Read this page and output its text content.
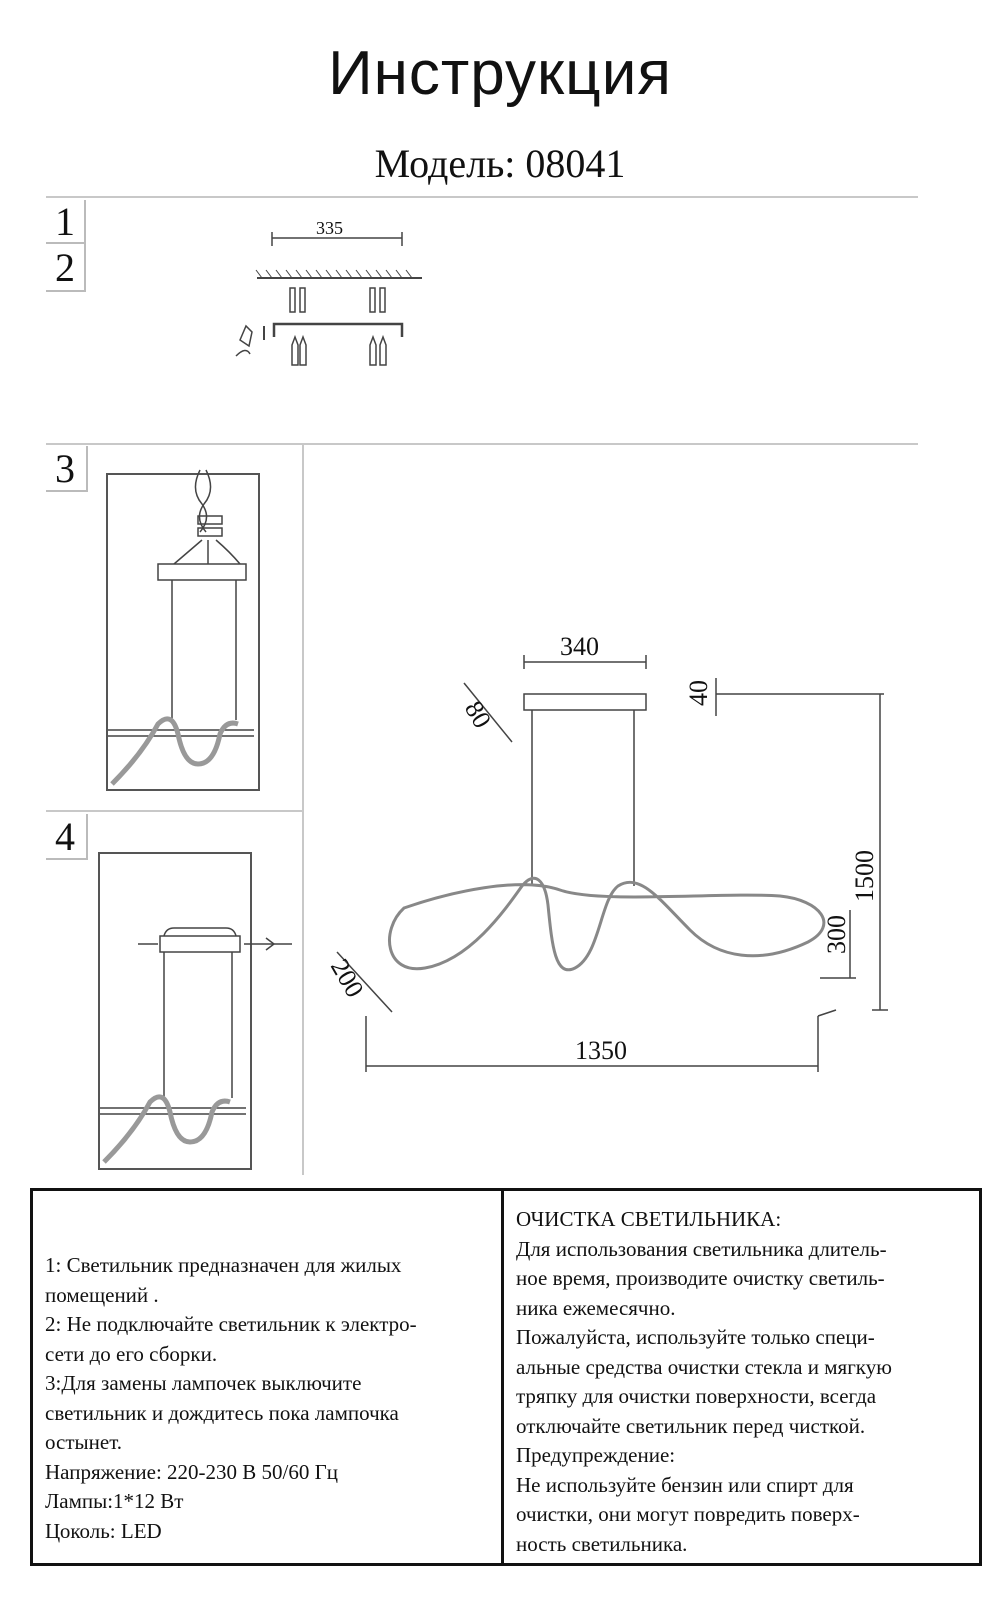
Инструкция
Модель: 08041
1
2
3
4
335
340
80
40
1500
300
200
1350
1: Светильник предназначен для жилых
помещений .
2: Не подключайте светильник к электро-
сети до его сборки.
3:Для замены лампочек выключите
светильник и дождитесь пока лампочка
остынет.
Напряжение: 220-230 В 50/60 Гц
Лампы:1*12 Вт
Цоколь: LED
ОЧИСТКА СВЕТИЛЬНИКА:
Для использования светильника длитель-
ное время, производите очистку светиль-
ника ежемесячно.
Пожалуйста, используйте только специ-
альные средства очистки стекла и мягкую
тряпку для очистки поверхности, всегда
отключайте светильник перед чисткой.
Предупреждение:
Не используйте бензин или спирт для
очистки, они могут повредить поверх-
ность светильника.
